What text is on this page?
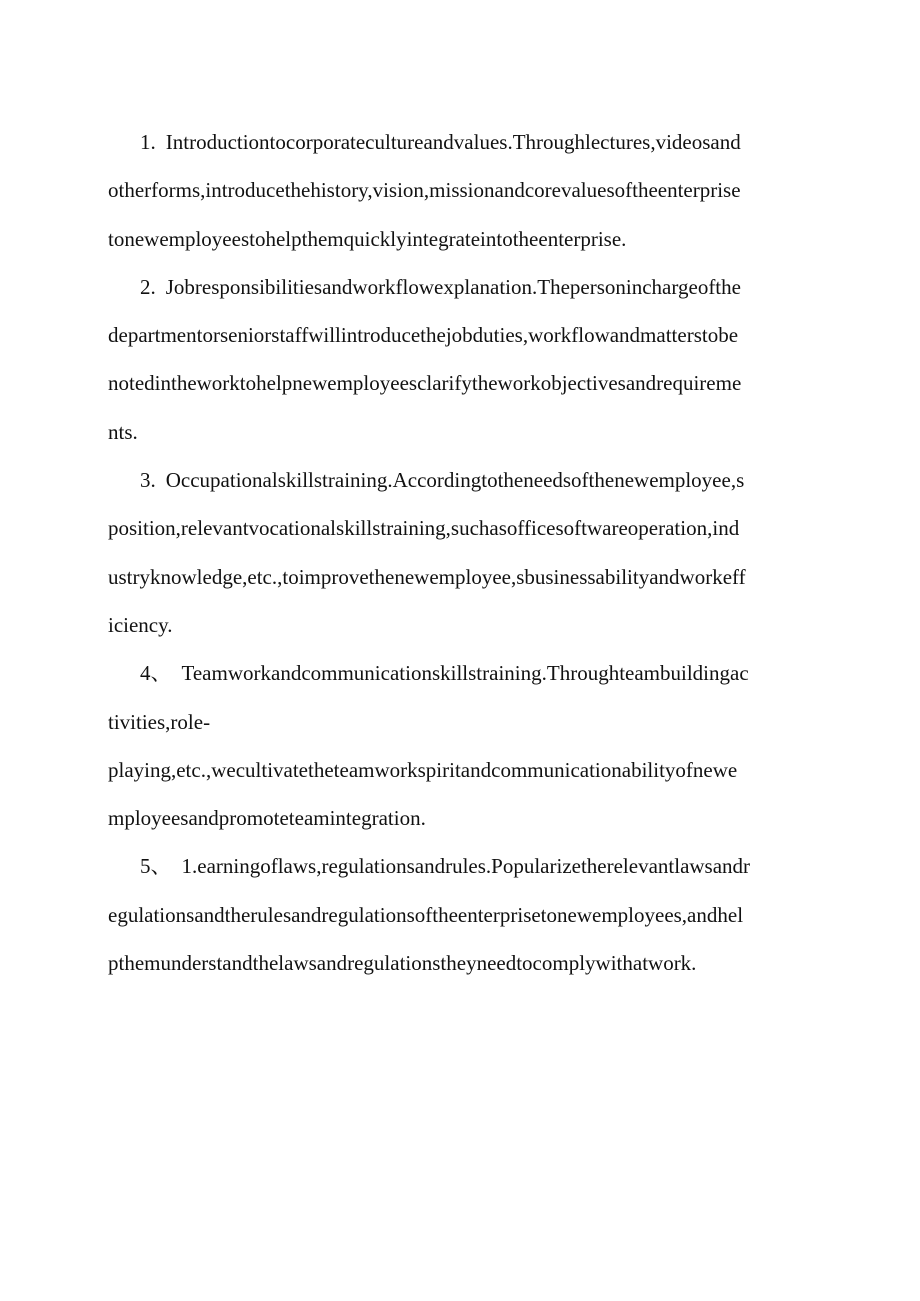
1. Introductiontocorporatecultureandvalues.Throughlectures,videosand
otherforms,introducethehistory,vision,missionandcorevaluesoftheenterprise
tonewemployeestohelpthemquicklyintegrateintotheenterprise.
2. Jobresponsibilitiesandworkflowexplanation.Thepersoninchargeofthe
departmentorseniorstaffwillintroducethejobduties,workflowandmatterstobe
notedintheworktohelpnewemployeesclarifytheworkobjectivesandrequireme
nts.
3. Occupationalskillstraining.Accordingtotheneedsofthenewemployee,s
position,relevantvocationalskillstraining,suchasofficesoftwareoperation,ind
ustryknowledge,etc.,toimprovethenewemployee,sbusinessabilityandworkeff
iciency.
4、 Teamworkandcommunicationskillstraining.Throughteambuildingac
tivities,role-
playing,etc.,wecultivatetheteamworkspiritandcommunicationabilityofnewe
mployeesandpromoteteamintegration.
5、 1.earningoflaws,regulationsandrules.Popularizetherelevantlawsandr
egulationsandtherulesandregulationsoftheenterprisetonewemployees,andhel
pthemunderstandthelawsandregulationstheyneedtocomplywithatwork.
